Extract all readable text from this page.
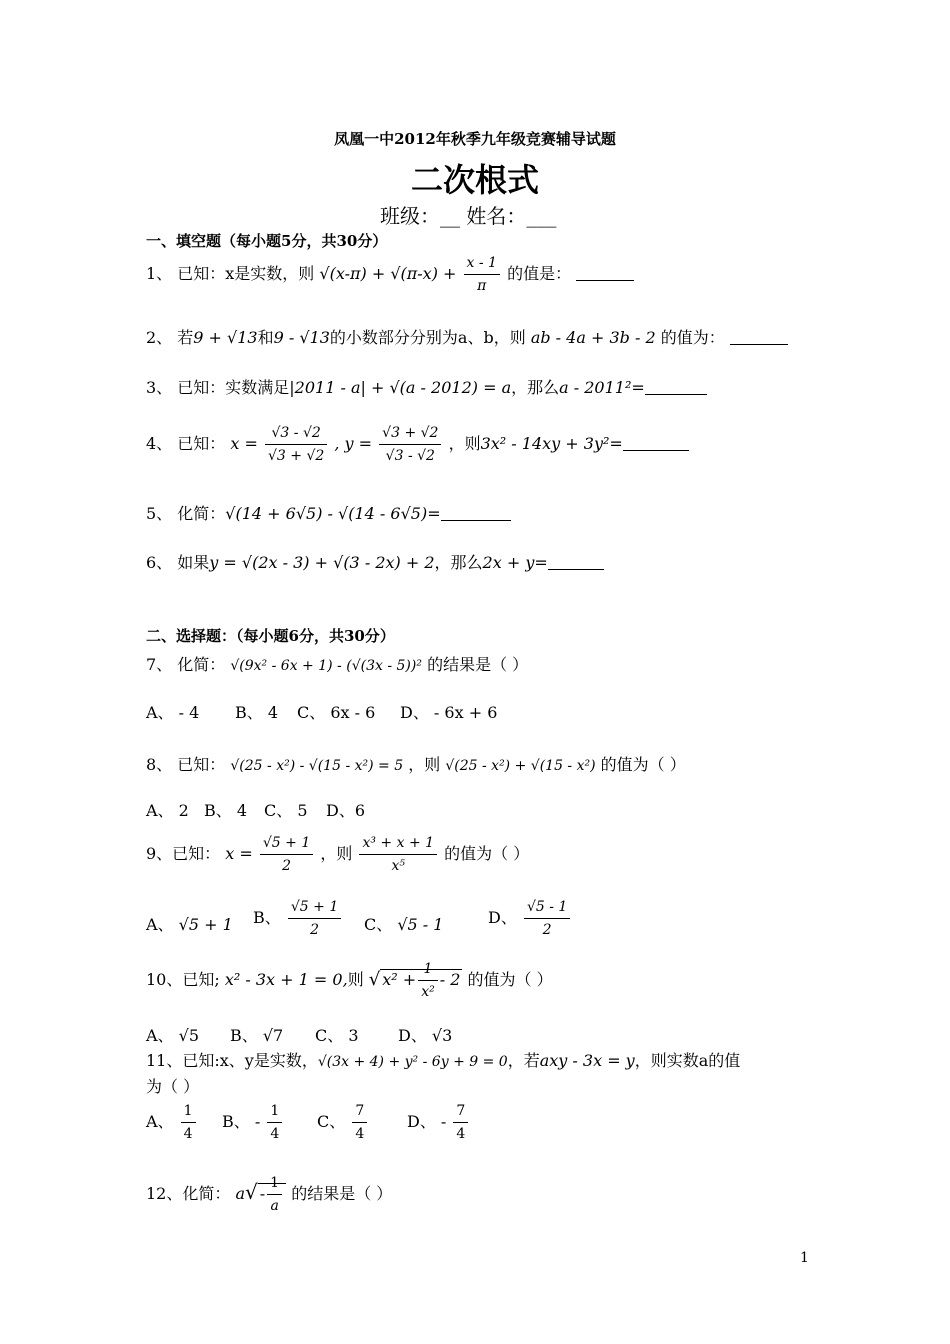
凤凰一中2012年秋季九年级竞赛辅导试题
二次根式
班级：__ 姓名：___
一、填空题（每小题5分，共30分）
1、 已知：x是实数，则 $√(x-\pi) + √(\pi-x) + \frac{x - 1}{\pi}$ 的值是：
2、 若9 + √13和9 - √13的小数部分分别为a、b，则 ab - 4a + 3b - 2 的值为：
3、 已知：实数满足|2011 - a| + √(a - 2012) = a，那么a - 2011²=
4、 已知： $x = \frac{√3 - √2}{√3 + √2}$ , $y = \frac{√3 + √2}{√3 - √2}$ ，则3x² - 14xy + 3y²=
5、 化简：√(14 + 6√5) - √(14 - 6√5)=
6、 如果y = √(2x - 3) + √(3 - 2x) + 2，那么2x + y=
二、选择题：（每小题6分，共30分）
7、 化简： √(9x² - 6x + 1) - (√(3x - 5))² 的结果是（ ）
A、 - 4 B、 4 C、 6x - 6 D、 - 6x + 6
8、 已知： √(25 - x²) - √(15 - x²) = 5 ，则 √(25 - x²) + √(15 - x²) 的值为（ ）
A、 2 B、 4 C、 5 D、6
9、已知： $x = \frac{√5 + 1}{2}$ ，则 $\frac{\text{x³ + x + 1}}{\text{x⁵}}$ 的值为（ ）
A、 √5 + 1 B、 $\frac{√5 + 1}{2}$ C、 √5 - 1	D、 $\frac{√5 - 1}{2}$
10、已知; x² - 3x + 1 = 0,则 √ $x^2 + \frac{1}{\text{x²}} - 2$ 的值为（ ）
A、 √5 B、 √7 C、 3 D、 √3
11、已知:x、y是实数，√(3x + 4) + y² - 6y + 9 = 0，若axy - 3x = y，则实数a的值
为（ ）
A、 $\frac{1}{4}$ B、 - $\frac{1}{4}$ C、 $\frac{7}{4}$ D、 - $\frac{7}{4}$
12、化简： $a√ - \frac{1}{a}$ 的结果是（ ）
1
